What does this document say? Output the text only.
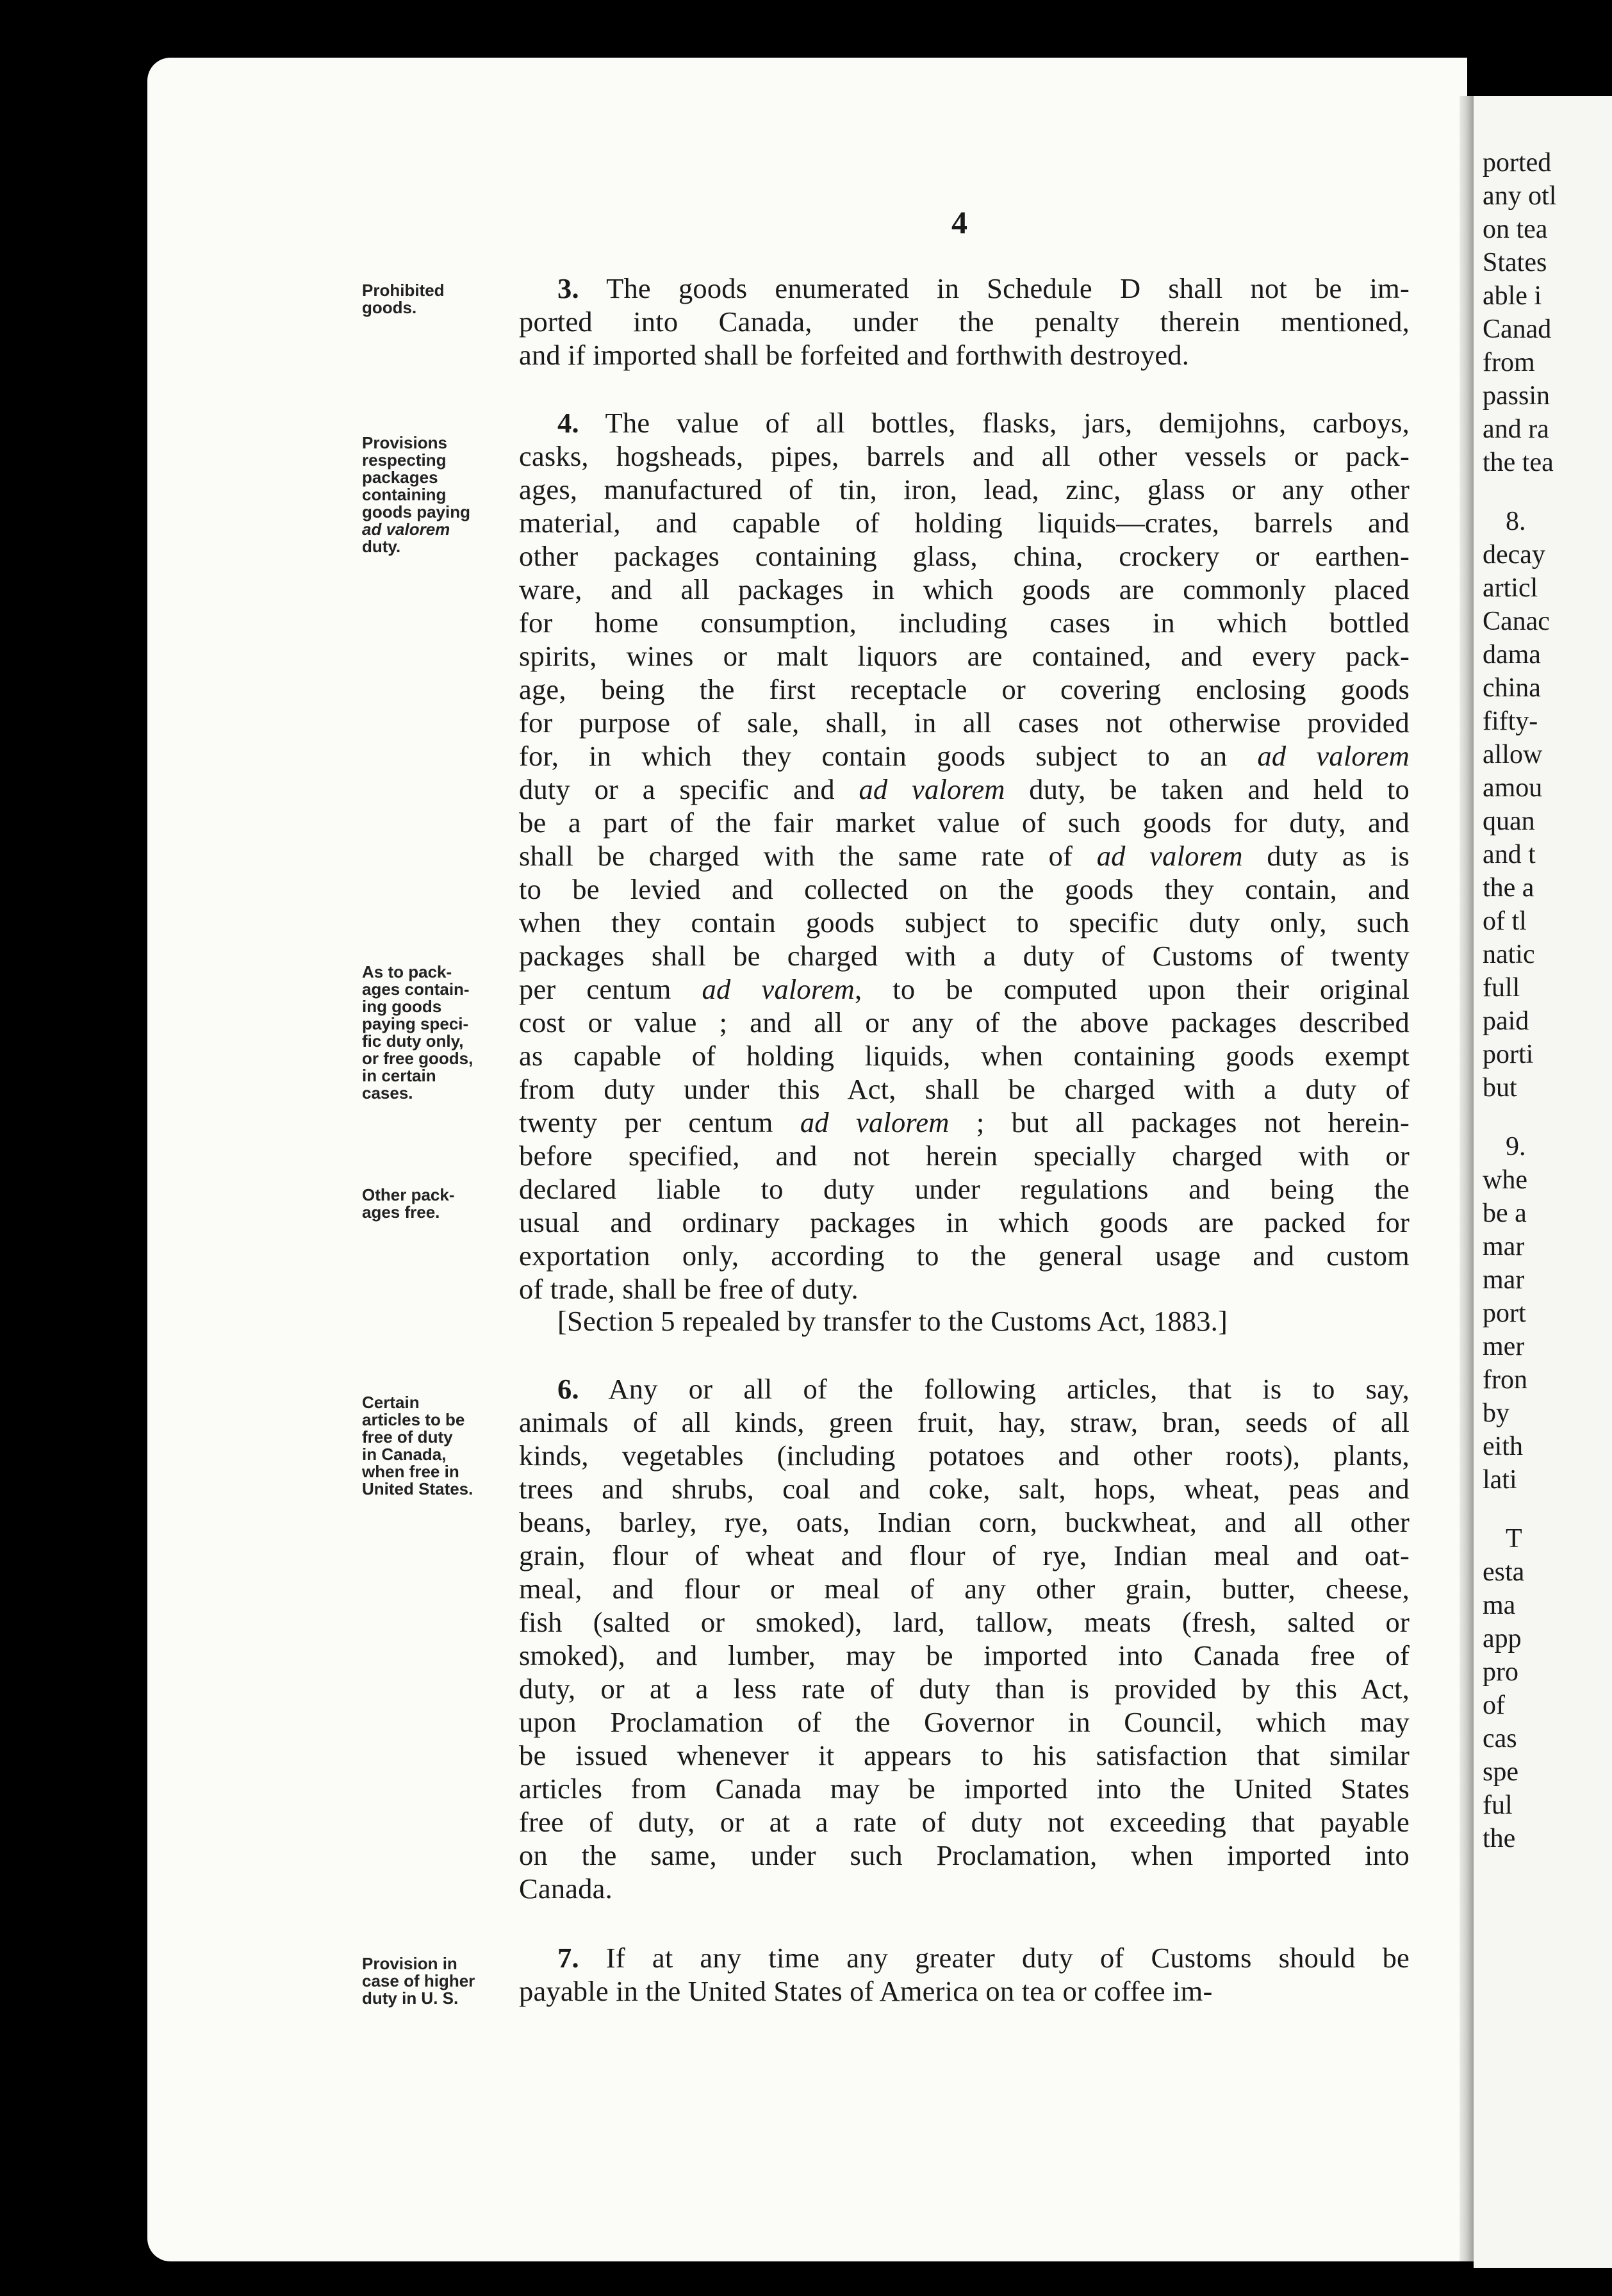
ported
any otl
on tea
States
able i
Canad
from
passin
and ra
the tea
8.
decay
articl
Canac
dama
china
fifty-
allow
amou
quan
and t
the a
of tl
natic
full
paid
porti
but
9.
whe
be a
mar
mar
port
mer
fron
by
eith
lati
T
esta
ma
app
pro
of
cas
spe
ful
the
4
Prohibited
goods.
Provisions
respecting
packages
containing
goods paying
ad valorem
duty.
As to pack-
ages contain-
ing goods
paying speci-
fic duty only,
or free goods,
in certain
cases.
Other pack-
ages free.
Certain
articles to be
free of duty
in Canada,
when free in
United States.
Provision in
case of higher
duty in U. S.
3. The goods enumerated in Schedule D shall not be im-
ported into Canada, under the penalty therein mentioned,
and if imported shall be forfeited and forthwith destroyed.
4. The value of all bottles, flasks, jars, demijohns, carboys,
casks, hogsheads, pipes, barrels and all other vessels or pack-
ages, manufactured of tin, iron, lead, zinc, glass or any other
material, and capable of holding liquids—crates, barrels and
other packages containing glass, china, crockery or earthen-
ware, and all packages in which goods are commonly placed
for home consumption, including cases in which bottled
spirits, wines or malt liquors are contained, and every pack-
age, being the first receptacle or covering enclosing goods
for purpose of sale, shall, in all cases not otherwise provided
for, in which they contain goods subject to an ad valorem
duty or a specific and ad valorem duty, be taken and held to
be a part of the fair market value of such goods for duty, and
shall be charged with the same rate of ad valorem duty as is
to be levied and collected on the goods they contain, and
when they contain goods subject to specific duty only, such
packages shall be charged with a duty of Customs of twenty
per centum ad valorem, to be computed upon their original
cost or value ; and all or any of the above packages described
as capable of holding liquids, when containing goods exempt
from duty under this Act, shall be charged with a duty of
twenty per centum ad valorem ; but all packages not herein-
before specified, and not herein specially charged with or
declared liable to duty under regulations and being the
usual and ordinary packages in which goods are packed for
exportation only, according to the general usage and custom
of trade, shall be free of duty.
[Section 5 repealed by transfer to the Customs Act, 1883.]
6. Any or all of the following articles, that is to say,
animals of all kinds, green fruit, hay, straw, bran, seeds of all
kinds, vegetables (including potatoes and other roots), plants,
trees and shrubs, coal and coke, salt, hops, wheat, peas and
beans, barley, rye, oats, Indian corn, buckwheat, and all other
grain, flour of wheat and flour of rye, Indian meal and oat-
meal, and flour or meal of any other grain, butter, cheese,
fish (salted or smoked), lard, tallow, meats (fresh, salted or
smoked), and lumber, may be imported into Canada free of
duty, or at a less rate of duty than is provided by this Act,
upon Proclamation of the Governor in Council, which may
be issued whenever it appears to his satisfaction that similar
articles from Canada may be imported into the United States
free of duty, or at a rate of duty not exceeding that payable
on the same, under such Proclamation, when imported into
Canada.
7. If at any time any greater duty of Customs should be
payable in the United States of America on tea or coffee im-
